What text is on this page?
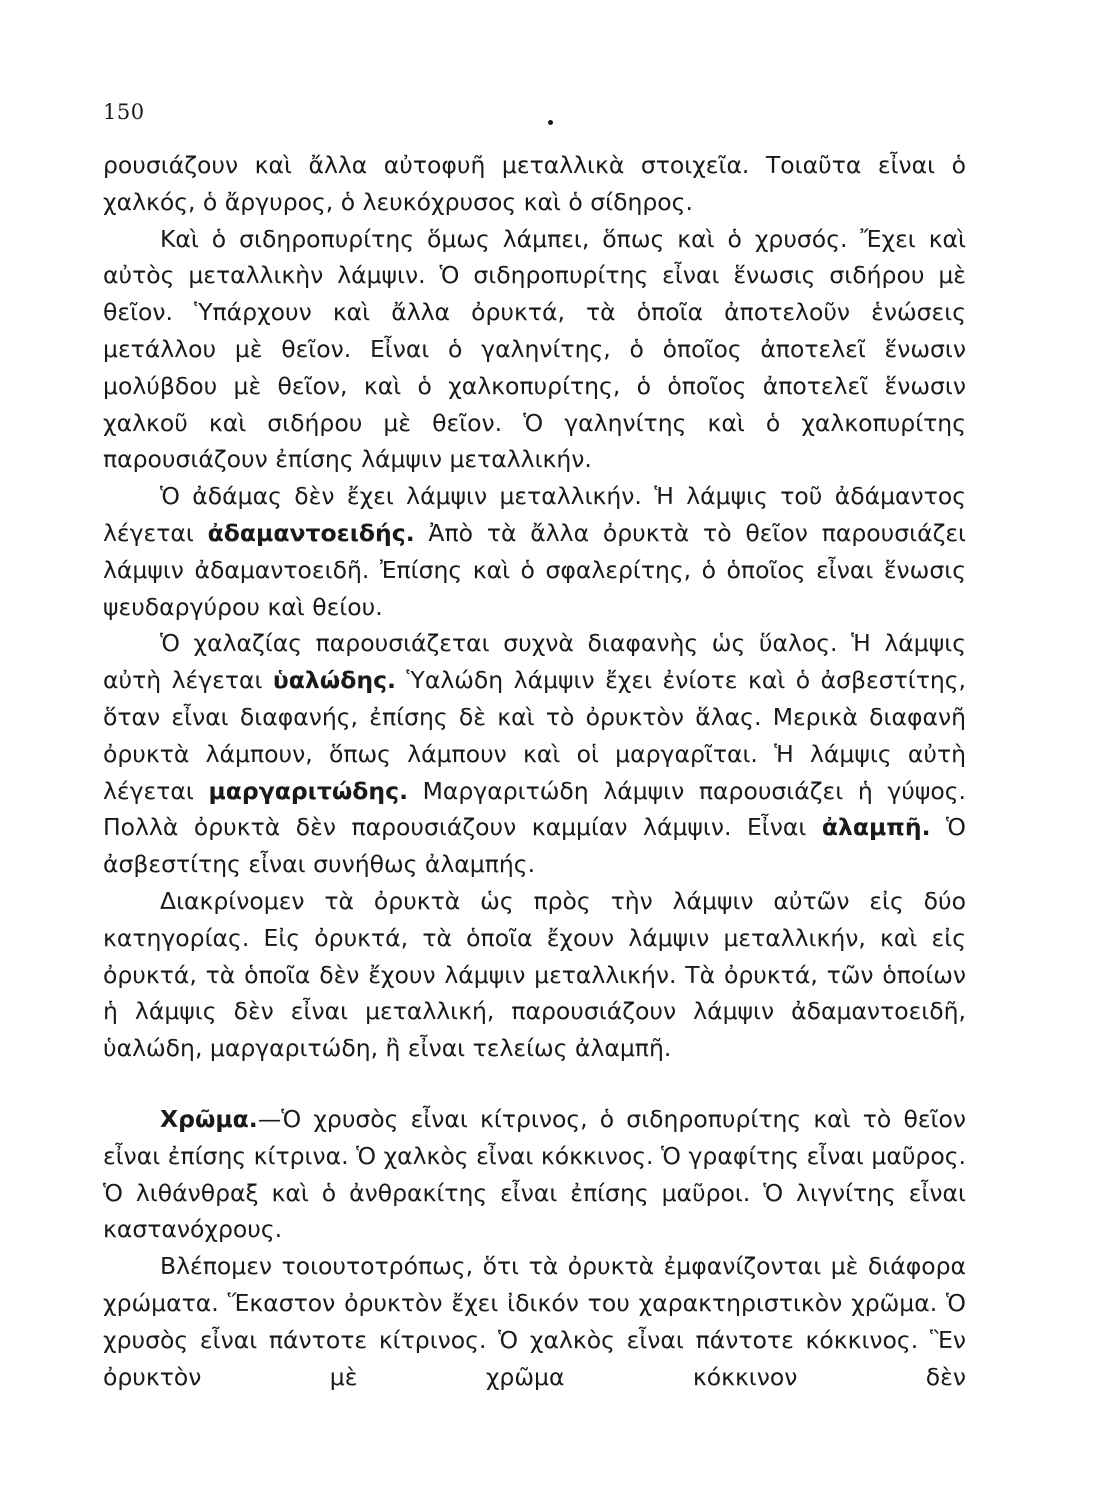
150

ρουσιάζουν καὶ ἄλλα αὐτοφυῆ μεταλλικὰ στοιχεῖα. Τοιαῦτα εἶναι ὁ χαλκός, ὁ ἄργυρος, ὁ λευκόχρυσος καὶ ὁ σίδηρος.

Καὶ ὁ σιδηροπυρίτης ὅμως λάμπει, ὅπως καὶ ὁ χρυσός. Ἔχει καὶ αὐτὸς μεταλλικὴν λάμψιν. Ὁ σιδηροπυρίτης εἶναι ἕνωσις σιδήρου μὲ θεῖον. Ὑπάρχουν καὶ ἄλλα ὀρυκτά, τὰ ὁποῖα ἀποτελοῦν ἑνώσεις μετάλλου μὲ θεῖον. Εἶναι ὁ γαληνίτης, ὁ ὁποῖος ἀποτελεῖ ἕνωσιν μολύβδου μὲ θεῖον, καὶ ὁ χαλκοπυρίτης, ὁ ὁποῖος ἀποτελεῖ ἕνωσιν χαλκοῦ καὶ σιδήρου μὲ θεῖον. Ὁ γαληνίτης καὶ ὁ χαλκοπυρίτης παρουσιάζουν ἐπίσης λάμψιν μεταλλικήν.

Ὁ ἀδάμας δὲν ἔχει λάμψιν μεταλλικήν. Ἡ λάμψις τοῦ ἀδάμαντος λέγεται ἀδαμαντοειδής. Ἀπὸ τὰ ἄλλα ὀρυκτὰ τὸ θεῖον παρουσιάζει λάμψιν ἀδαμαντοειδῆ. Ἐπίσης καὶ ὁ σφαλερίτης, ὁ ὁποῖος εἶναι ἕνωσις ψευδαργύρου καὶ θείου.

Ὁ χαλαζίας παρουσιάζεται συχνὰ διαφανὴς ὡς ὕαλος. Ἡ λάμψις αὐτὴ λέγεται ὑαλώδης. Ὑαλώδη λάμψιν ἔχει ἐνίοτε καὶ ὁ ἀσβεστίτης, ὅταν εἶναι διαφανής, ἐπίσης δὲ καὶ τὸ ὀρυκτὸν ἅλας. Μερικὰ διαφανῆ ὀρυκτὰ λάμπουν, ὅπως λάμπουν καὶ οἱ μαργαρῖται. Ἡ λάμψις αὐτὴ λέγεται μαργαριτώδης. Μαργαριτώδη λάμψιν παρουσιάζει ἡ γύψος. Πολλὰ ὀρυκτὰ δὲν παρουσιάζουν καμμίαν λάμψιν. Εἶναι ἀλαμπῆ. Ὁ ἀσβεστίτης εἶναι συνήθως ἀλαμπής.

Διακρίνομεν τὰ ὀρυκτὰ ὡς πρὸς τὴν λάμψιν αὐτῶν εἰς δύο κατηγορίας. Εἰς ὀρυκτά, τὰ ὁποῖα ἔχουν λάμψιν μεταλλικήν, καὶ εἰς ὀρυκτά, τὰ ὁποῖα δὲν ἔχουν λάμψιν μεταλλικήν. Τὰ ὀρυκτά, τῶν ὁποίων ἡ λάμψις δὲν εἶναι μεταλλική, παρουσιάζουν λάμψιν ἀδαμαντοειδῆ, ὑαλώδη, μαργαριτώδη, ἢ εἶναι τελείως ἀλαμπῆ.

Χρῶμα.—Ὁ χρυσὸς εἶναι κίτρινος, ὁ σιδηροπυρίτης καὶ τὸ θεῖον εἶναι ἐπίσης κίτρινα. Ὁ χαλκὸς εἶναι κόκκινος. Ὁ γραφίτης εἶναι μαῦρος. Ὁ λιθάνθραξ καὶ ὁ ἀνθρακίτης εἶναι ἐπίσης μαῦροι. Ὁ λιγνίτης εἶναι καστανόχρους.

Βλέπομεν τοιουτοτρόπως, ὅτι τὰ ὀρυκτὰ ἐμφανίζονται μὲ διάφορα χρώματα. Ἕκαστον ὀρυκτὸν ἔχει ἰδικόν του χαρακτηριστικὸν χρῶμα. Ὁ χρυσὸς εἶναι πάντοτε κίτρινος. Ὁ χαλκὸς εἶναι πάντοτε κόκκινος. Ἓν ὀρυκτὸν μὲ χρῶμα κόκκινον δὲν
